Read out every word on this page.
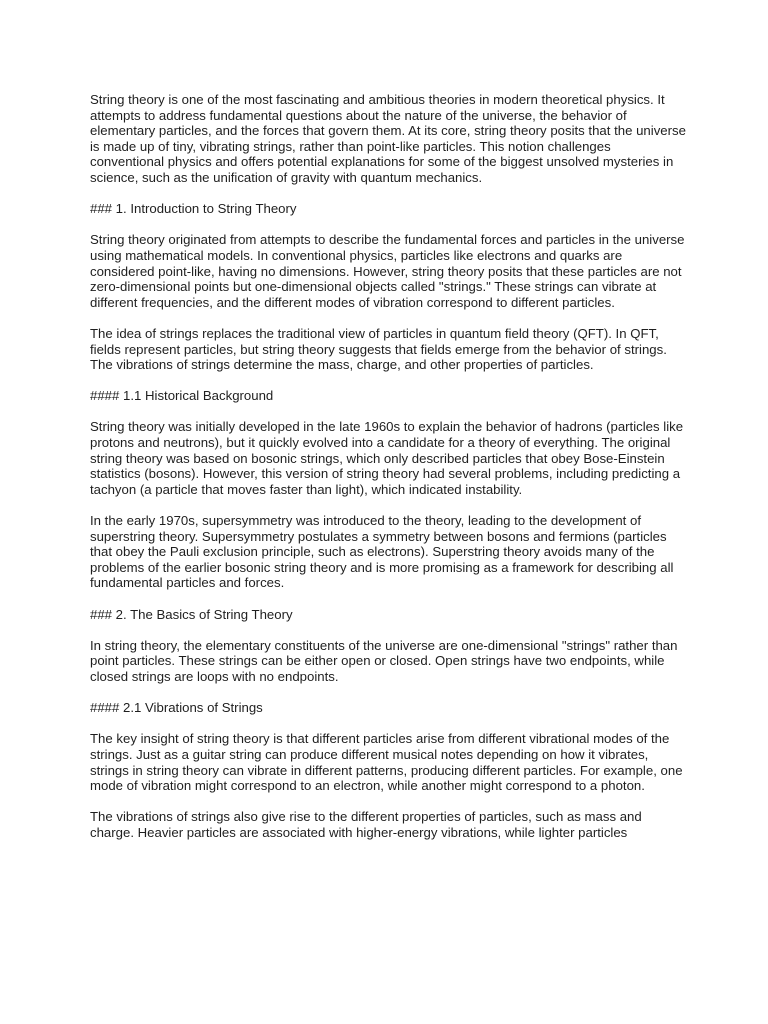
String theory is one of the most fascinating and ambitious theories in modern theoretical physics. It attempts to address fundamental questions about the nature of the universe, the behavior of elementary particles, and the forces that govern them. At its core, string theory posits that the universe is made up of tiny, vibrating strings, rather than point-like particles. This notion challenges conventional physics and offers potential explanations for some of the biggest unsolved mysteries in science, such as the unification of gravity with quantum mechanics.

### 1. Introduction to String Theory

String theory originated from attempts to describe the fundamental forces and particles in the universe using mathematical models. In conventional physics, particles like electrons and quarks are considered point-like, having no dimensions. However, string theory posits that these particles are not zero-dimensional points but one-dimensional objects called "strings." These strings can vibrate at different frequencies, and the different modes of vibration correspond to different particles.

The idea of strings replaces the traditional view of particles in quantum field theory (QFT). In QFT, fields represent particles, but string theory suggests that fields emerge from the behavior of strings. The vibrations of strings determine the mass, charge, and other properties of particles.

#### 1.1 Historical Background

String theory was initially developed in the late 1960s to explain the behavior of hadrons (particles like protons and neutrons), but it quickly evolved into a candidate for a theory of everything. The original string theory was based on bosonic strings, which only described particles that obey Bose-Einstein statistics (bosons). However, this version of string theory had several problems, including predicting a tachyon (a particle that moves faster than light), which indicated instability.

In the early 1970s, supersymmetry was introduced to the theory, leading to the development of superstring theory. Supersymmetry postulates a symmetry between bosons and fermions (particles that obey the Pauli exclusion principle, such as electrons). Superstring theory avoids many of the problems of the earlier bosonic string theory and is more promising as a framework for describing all fundamental particles and forces.

### 2. The Basics of String Theory

In string theory, the elementary constituents of the universe are one-dimensional "strings" rather than point particles. These strings can be either open or closed. Open strings have two endpoints, while closed strings are loops with no endpoints.

#### 2.1 Vibrations of Strings

The key insight of string theory is that different particles arise from different vibrational modes of the strings. Just as a guitar string can produce different musical notes depending on how it vibrates, strings in string theory can vibrate in different patterns, producing different particles. For example, one mode of vibration might correspond to an electron, while another might correspond to a photon.

The vibrations of strings also give rise to the different properties of particles, such as mass and charge. Heavier particles are associated with higher-energy vibrations, while lighter particles
